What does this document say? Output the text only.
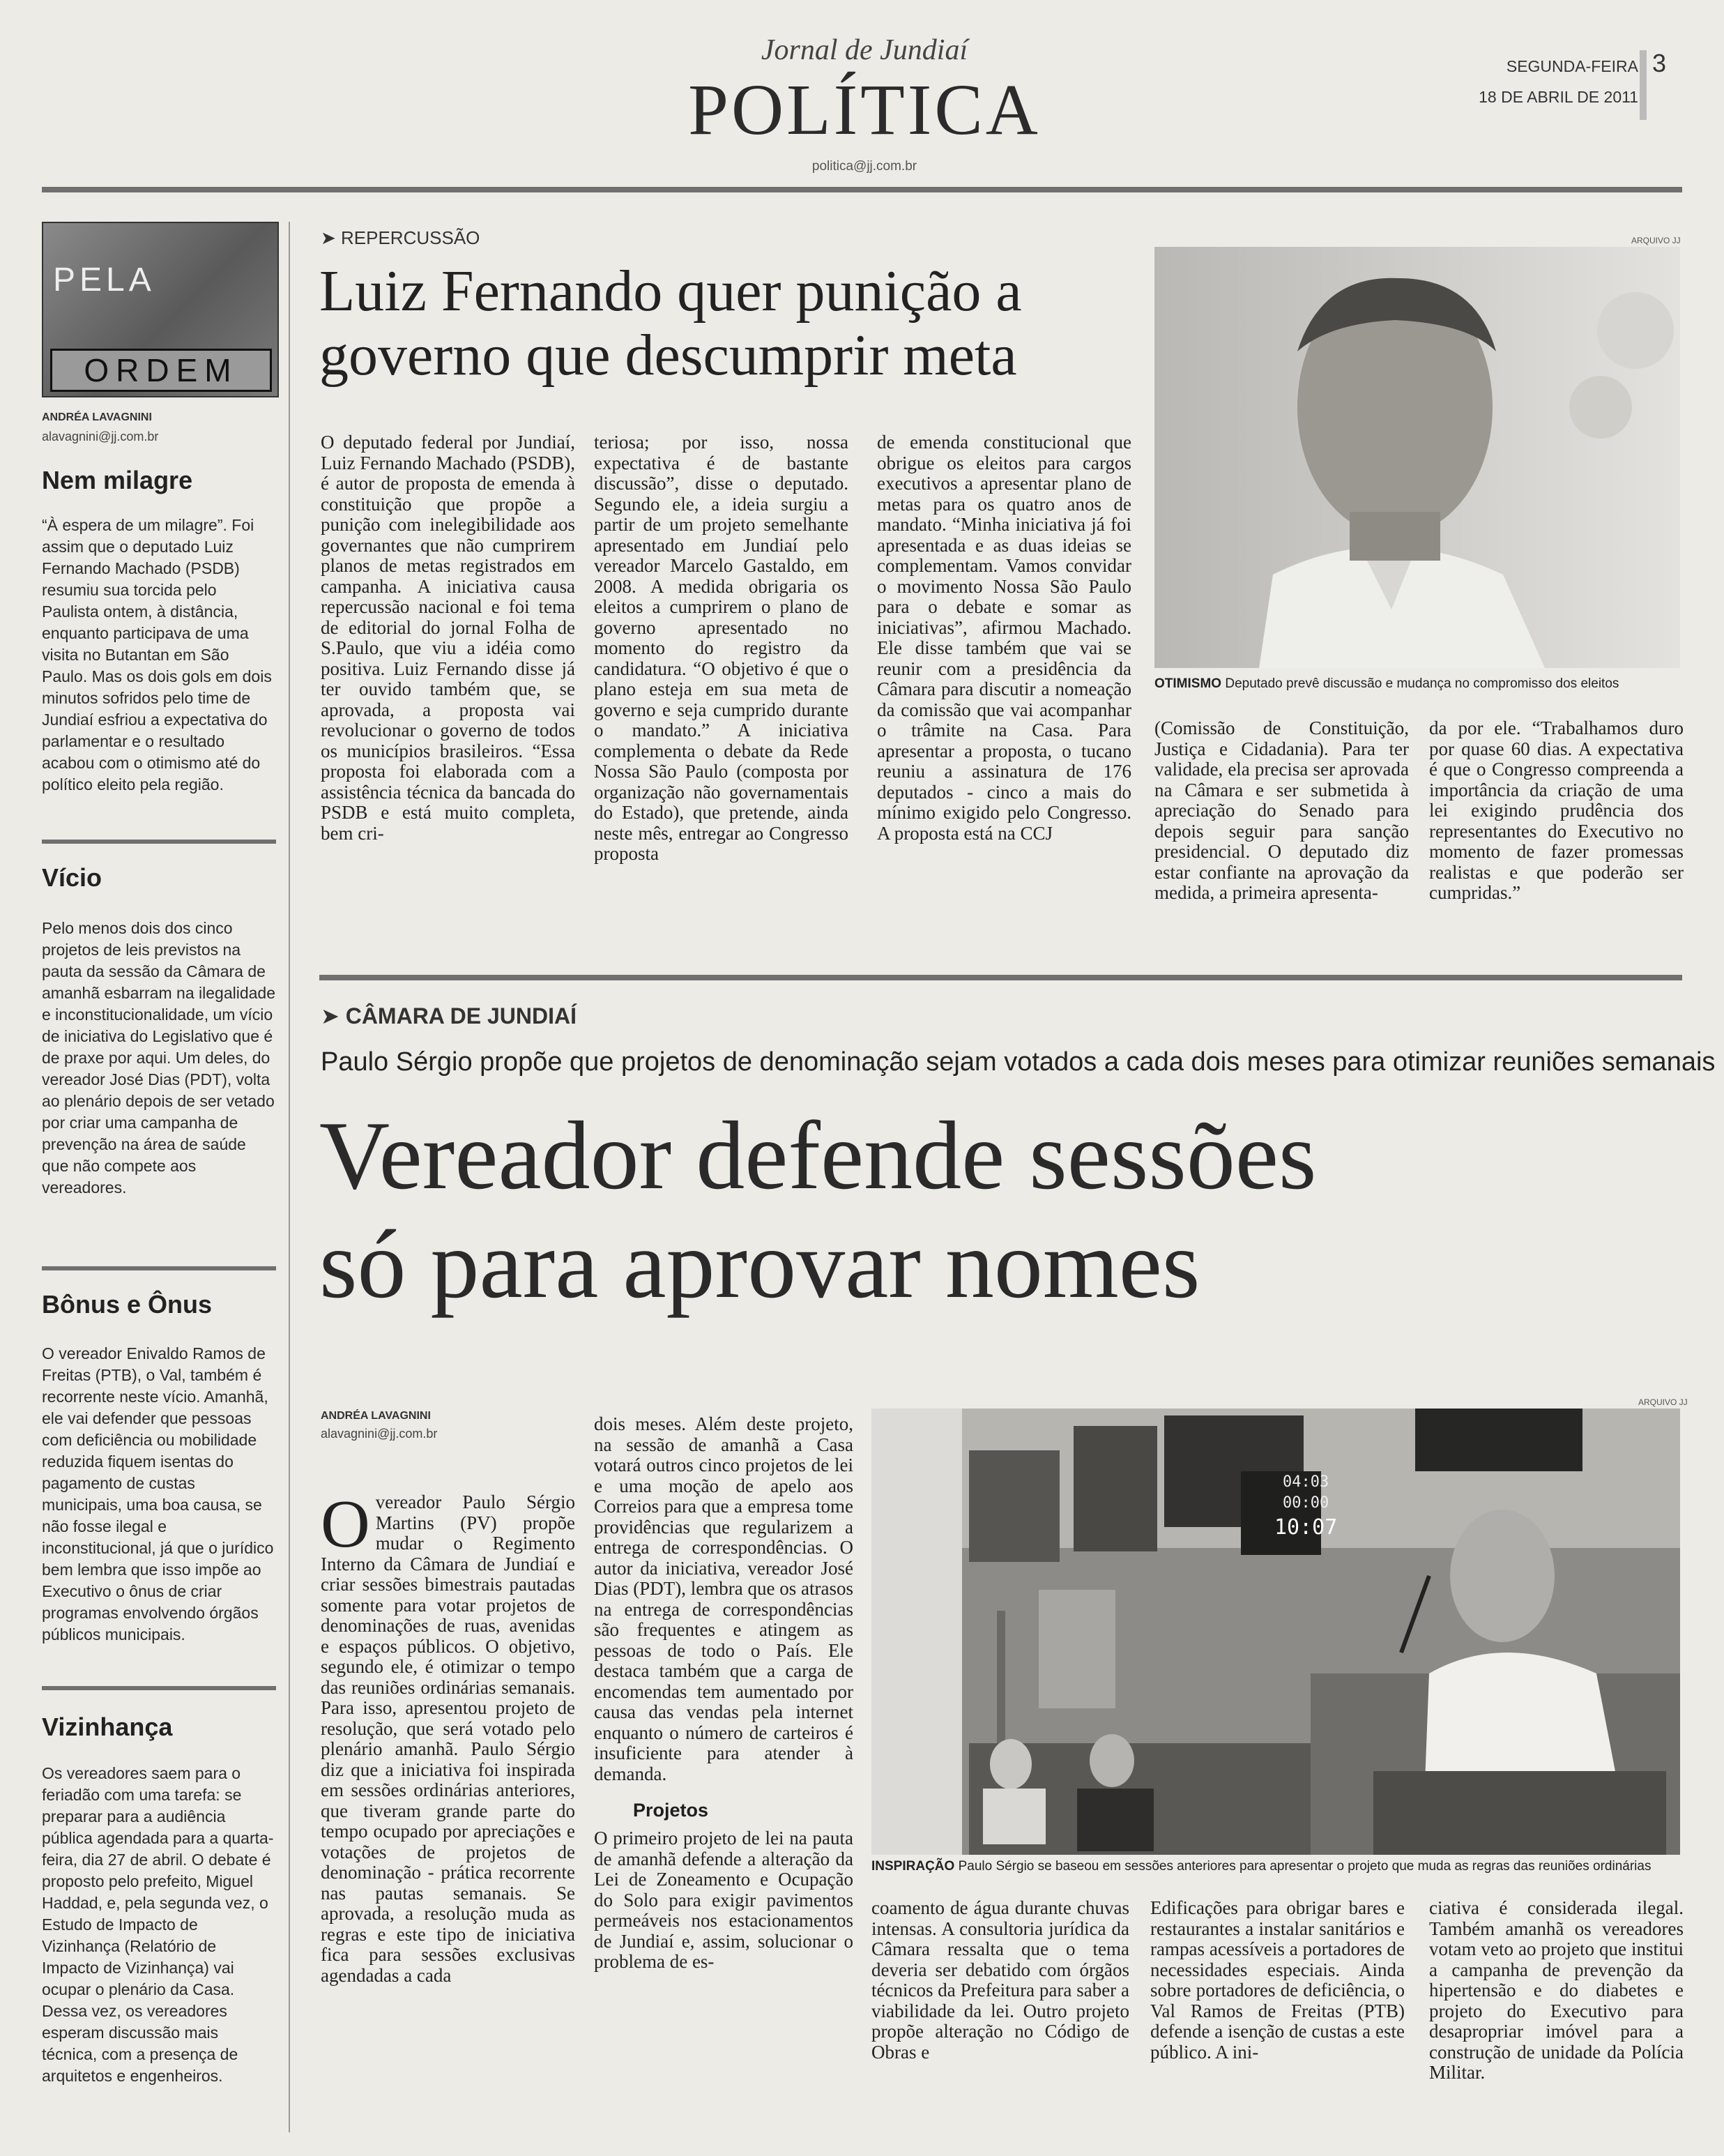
Jornal de Jundiaí
POLÍTICA
politica@jj.com.br
SEGUNDA-FEIRA 3
18 DE ABRIL DE 2011
PELA
ORDEM
ANDRÉA LAVAGNINI
alavagnini@jj.com.br
Nem milagre

“À espera de um milagre”. Foi assim que o deputado Luiz Fernando Machado (PSDB) resumiu sua torcida pelo Paulista ontem, à distância, enquanto participava de uma visita no Butantan em São Paulo. Mas os dois gols em dois minutos sofridos pelo time de Jundiaí esfriou a expectativa do parlamentar e o resultado acabou com o otimismo até do político eleito pela região.

Vício

Pelo menos dois dos cinco projetos de leis previstos na pauta da sessão da Câmara de amanhã esbarram na ilegalidade e inconstitucionalidade, um vício de iniciativa do Legislativo que é de praxe por aqui. Um deles, do vereador José Dias (PDT), volta ao plenário depois de ser vetado por criar uma campanha de prevenção na área de saúde que não compete aos vereadores.

Bônus e Ônus

O vereador Enivaldo Ramos de Freitas (PTB), o Val, também é recorrente neste vício. Amanhã, ele vai defender que pessoas com deficiência ou mobilidade reduzida fiquem isentas do pagamento de custas municipais, uma boa causa, se não fosse ilegal e inconstitucional, já que o jurídico bem lembra que isso impõe ao Executivo o ônus de criar programas envolvendo órgãos públicos municipais.

Vizinhança

Os vereadores saem para o feriadão com uma tarefa: se preparar para a audiência pública agendada para a quarta-feira, dia 27 de abril. O debate é proposto pelo prefeito, Miguel Haddad, e, pela segunda vez, o Estudo de Impacto de Vizinhança (Relatório de Impacto de Vizinhança) vai ocupar o plenário da Casa. Dessa vez, os vereadores esperam discussão mais técnica, com a presença de arquitetos e engenheiros.

➤ REPERCUSSÃO
Luiz Fernando quer punição a
governo que descumprir meta

O deputado federal por Jundiaí, Luiz Fernando Machado (PSDB), é autor de proposta de emenda à constituição que propõe a punição com inelegibilidade aos governantes que não cumprirem planos de metas registrados em campanha. A iniciativa causa repercussão nacional e foi tema de editorial do jornal Folha de S.Paulo, que viu a idéia como positiva. Luiz Fernando disse já ter ouvido também que, se aprovada, a proposta vai revolucionar o governo de todos os municípios brasileiros. “Essa proposta foi elaborada com a assistência técnica da bancada do PSDB e está muito completa, bem cri-

teriosa; por isso, nossa expectativa é de bastante discussão”, disse o deputado. Segundo ele, a ideia surgiu a partir de um projeto semelhante apresentado em Jundiaí pelo vereador Marcelo Gastaldo, em 2008. A medida obrigaria os eleitos a cumprirem o plano de governo apresentado no momento do registro da candidatura. “O objetivo é que o plano esteja em sua meta de governo e seja cumprido durante o mandato.” A iniciativa complementa o debate da Rede Nossa São Paulo (composta por organização não governamentais do Estado), que pretende, ainda neste mês, entregar ao Congresso proposta

de emenda constitucional que obrigue os eleitos para cargos executivos a apresentar plano de metas para os quatro anos de mandato. “Minha iniciativa já foi apresentada e as duas ideias se complementam. Vamos convidar o movimento Nossa São Paulo para o debate e somar as iniciativas”, afirmou Machado. Ele disse também que vai se reunir com a presidência da Câmara para discutir a nomeação da comissão que vai acompanhar o trâmite na Casa. Para apresentar a proposta, o tucano reuniu a assinatura de 176 deputados - cinco a mais do mínimo exigido pelo Congresso. A proposta está na CCJ

ARQUIVO JJ
OTIMISMO Deputado prevê discussão e mudança no compromisso dos eleitos

(Comissão de Constituição, Justiça e Cidadania). Para ter validade, ela precisa ser aprovada na Câmara e ser submetida à apreciação do Senado para depois seguir para sanção presidencial. O deputado diz estar confiante na aprovação da medida, a primeira apresenta-

da por ele. “Trabalhamos duro por quase 60 dias. A expectativa é que o Congresso compreenda a importância da criação de uma lei exigindo prudência dos representantes do Executivo no momento de fazer promessas realistas e que poderão ser cumpridas.”

➤ CÂMARA DE JUNDIAÍ
Paulo Sérgio propõe que projetos de denominação sejam votados a cada dois meses para otimizar reuniões semanais
Vereador defende sessões
só para aprovar nomes
ANDRÉA LAVAGNINI
alavagnini@jj.com.br
O vereador Paulo Sérgio Martins (PV) propõe mudar o Regimento Interno da Câmara de Jundiaí e criar sessões bimestrais pautadas somente para votar projetos de denominações de ruas, avenidas e espaços públicos. O objetivo, segundo ele, é otimizar o tempo das reuniões ordinárias semanais. Para isso, apresentou projeto de resolução, que será votado pelo plenário amanhã. Paulo Sérgio diz que a iniciativa foi inspirada em sessões ordinárias anteriores, que tiveram grande parte do tempo ocupado por apreciações e votações de projetos de denominação - prática recorrente nas pautas semanais. Se aprovada, a resolução muda as regras e este tipo de iniciativa fica para sessões exclusivas agendadas a cada

dois meses. Além deste projeto, na sessão de amanhã a Casa votará outros cinco projetos de lei e uma moção de apelo aos Correios para que a empresa tome providências que regularizem a entrega de correspondências. O autor da iniciativa, vereador José Dias (PDT), lembra que os atrasos na entrega de correspondências são frequentes e atingem as pessoas de todo o País. Ele destaca também que a carga de encomendas tem aumentado por causa das vendas pela internet enquanto o número de carteiros é insuficiente para atender à demanda.

Projetos

O primeiro projeto de lei na pauta de amanhã defende a alteração da Lei de Zoneamento e Ocupação do Solo para exigir pavimentos permeáveis nos estacionamentos de Jundiaí e, assim, solucionar o problema de es-

ARQUIVO JJ
04:03
00:00
10:07
INSPIRAÇÃO Paulo Sérgio se baseou em sessões anteriores para apresentar o projeto que muda as regras das reuniões ordinárias

coamento de água durante chuvas intensas. A consultoria jurídica da Câmara ressalta que o tema deveria ser debatido com órgãos técnicos da Prefeitura para saber a viabilidade da lei. Outro projeto propõe alteração no Código de Obras e

Edificações para obrigar bares e restaurantes a instalar sanitários e rampas acessíveis a portadores de necessidades especiais. Ainda sobre portadores de deficiência, o Val Ramos de Freitas (PTB) defende a isenção de custas a este público. A ini-

ciativa é considerada ilegal. Também amanhã os vereadores votam veto ao projeto que institui a campanha de prevenção da hipertensão e do diabetes e projeto do Executivo para desapropriar imóvel para a construção de unidade da Polícia Militar.
